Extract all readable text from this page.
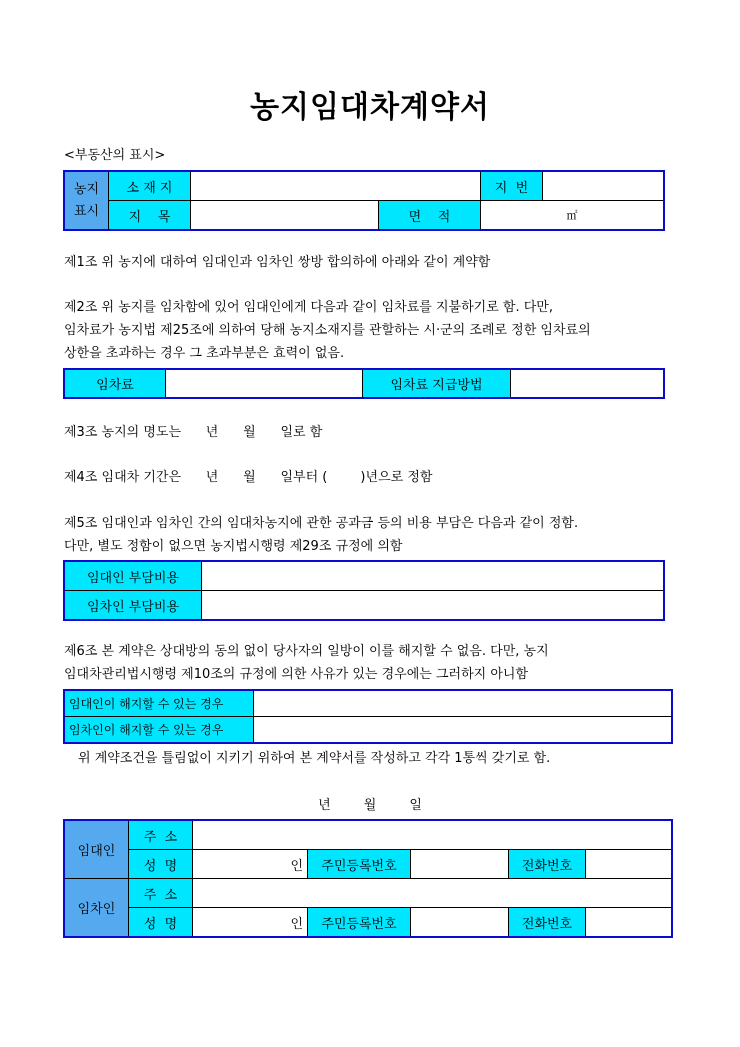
농지임대차계약서
<부동산의 표시>
농지
표시	소 재 지			지  번	
	지    목		면    적	㎡	
제1조 위 농지에 대하여 임대인과 임차인 쌍방 합의하에 아래와 같이 계약함
제2조 위 농지를 임차함에 있어 임대인에게 다음과 같이 임차료를 지불하기로 함. 다만,
임차료가 농지법 제25조에 의하여 당해 농지소재지를 관할하는 시·군의 조례로 정한 임차료의
상한을 초과하는 경우 그 초과부분은 효력이 없음.
임차료		임차료 지급방법	
제3조 농지의 명도는      년      월      일로 함
제4조 임대차 기간은      년      월      일부터 (        )년으로 정함
제5조 임대인과 임차인 간의 임대차농지에 관한 공과금 등의 비용 부담은 다음과 같이 정함.
다만, 별도 정함이 없으면 농지법시행령 제29조 규정에 의함
임대인 부담비용	
임차인 부담비용	
제6조 본 계약은 상대방의 동의 없이 당사자의 일방이 이를 해지할 수 없음. 다만, 농지
임대차관리법시행령 제10조의 규정에 의한 사유가 있는 경우에는 그러하지 아니함
임대인이 해지할 수 있는 경우	
임차인이 해지할 수 있는 경우	
위 계약조건을 틀림없이 지키기 위하여 본 계약서를 작성하고 각각 1통씩 갖기로 함.
년        월        일
임대인	주  소					
	성  명	인	주민등록번호		전화번호	
임차인	주  소					
	성  명	인	주민등록번호		전화번호	
